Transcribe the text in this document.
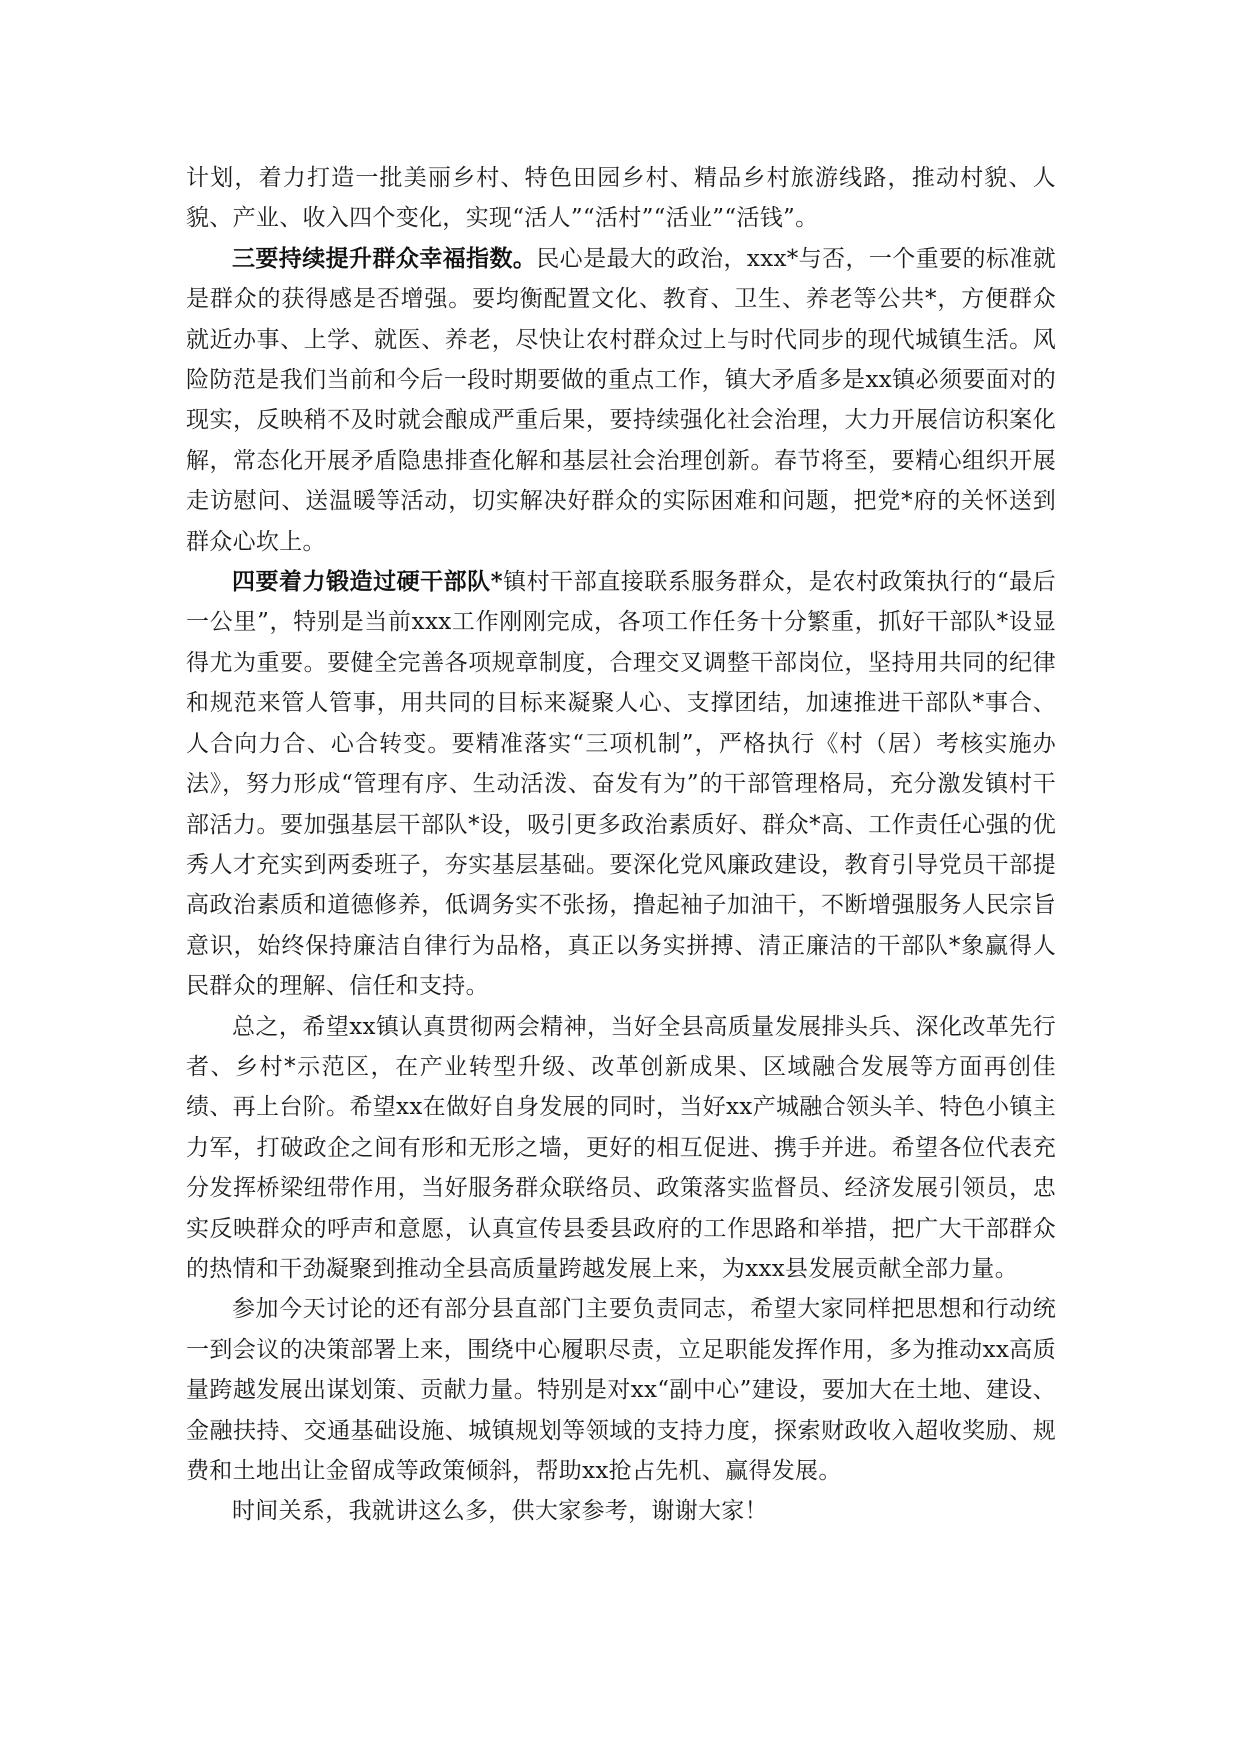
计划，着力打造一批美丽乡村、特色田园乡村、精品乡村旅游线路，推动村貌、人貌、产业、收入四个变化，实现“活人”“活村”“活业”“活钱”。

三要持续提升群众幸福指数。民心是最大的政治，xxx*与否，一个重要的标准就是群众的获得感是否增强。要均衡配置文化、教育、卫生、养老等公共*，方便群众就近办事、上学、就医、养老，尽快让农村群众过上与时代同步的现代城镇生活。风险防范是我们当前和今后一段时期要做的重点工作，镇大矛盾多是xx镇必须要面对的现实，反映稍不及时就会酿成严重后果，要持续强化社会治理，大力开展信访积案化解，常态化开展矛盾隐患排查化解和基层社会治理创新。春节将至，要精心组织开展走访慰问、送温暖等活动，切实解决好群众的实际困难和问题，把党*府的关怀送到群众心坎上。

四要着力锻造过硬干部队*镇村干部直接联系服务群众，是农村政策执行的“最后一公里”，特别是当前xxx工作刚刚完成，各项工作任务十分繁重，抓好干部队*设显得尤为重要。要健全完善各项规章制度，合理交叉调整干部岗位，坚持用共同的纪律和规范来管人管事，用共同的目标来凝聚人心、支撑团结，加速推进干部队*事合、人合向力合、心合转变。要精准落实“三项机制”，严格执行《村（居）考核实施办法》，努力形成“管理有序、生动活泼、奋发有为”的干部管理格局，充分激发镇村干部活力。要加强基层干部队*设，吸引更多政治素质好、群众*高、工作责任心强的优秀人才充实到两委班子，夯实基层基础。要深化党风廉政建设，教育引导党员干部提高政治素质和道德修养，低调务实不张扬，撸起袖子加油干，不断增强服务人民宗旨意识，始终保持廉洁自律行为品格，真正以务实拼搏、清正廉洁的干部队*象赢得人民群众的理解、信任和支持。

总之，希望xx镇认真贯彻两会精神，当好全县高质量发展排头兵、深化改革先行者、乡村*示范区，在产业转型升级、改革创新成果、区域融合发展等方面再创佳绩、再上台阶。希望xx在做好自身发展的同时，当好xx产城融合领头羊、特色小镇主力军，打破政企之间有形和无形之墙，更好的相互促进、携手并进。希望各位代表充分发挥桥梁纽带作用，当好服务群众联络员、政策落实监督员、经济发展引领员，忠实反映群众的呼声和意愿，认真宣传县委县政府的工作思路和举措，把广大干部群众的热情和干劲凝聚到推动全县高质量跨越发展上来，为xxx县发展贡献全部力量。

参加今天讨论的还有部分县直部门主要负责同志，希望大家同样把思想和行动统一到会议的决策部署上来，围绕中心履职尽责，立足职能发挥作用，多为推动xx高质量跨越发展出谋划策、贡献力量。特别是对xx“副中心”建设，要加大在土地、建设、金融扶持、交通基础设施、城镇规划等领域的支持力度，探索财政收入超收奖励、规费和土地出让金留成等政策倾斜，帮助xx抢占先机、赢得发展。

时间关系，我就讲这么多，供大家参考，谢谢大家！
